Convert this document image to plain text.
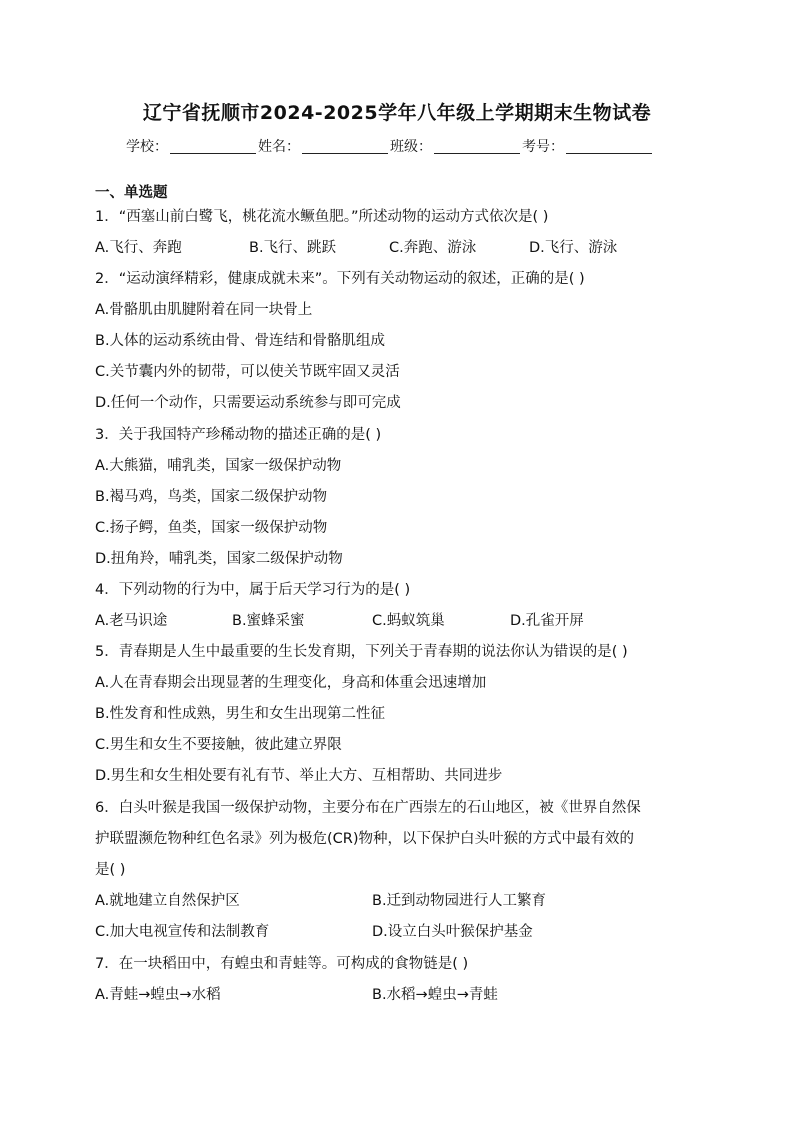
辽宁省抚顺市2024-2025学年八年级上学期期末生物试卷
学校：	姓名：	班级：	考号：
一、单选题
1．“西塞山前白鹭飞，桃花流水鳜鱼肥。”所述动物的运动方式依次是( )
A.飞行、奔跑	B.飞行、跳跃	C.奔跑、游泳	D.飞行、游泳
2．“运动演绎精彩，健康成就未来”。下列有关动物运动的叙述，正确的是( )
A.骨骼肌由肌腱附着在同一块骨上
B.人体的运动系统由骨、骨连结和骨骼肌组成
C.关节囊内外的韧带，可以使关节既牢固又灵活
D.任何一个动作，只需要运动系统参与即可完成
3．关于我国特产珍稀动物的描述正确的是( )
A.大熊猫，哺乳类，国家一级保护动物
B.褐马鸡，鸟类，国家二级保护动物
C.扬子鳄，鱼类，国家一级保护动物
D.扭角羚，哺乳类，国家二级保护动物
4．下列动物的行为中，属于后天学习行为的是( )
A.老马识途	B.蜜蜂采蜜	C.蚂蚁筑巢	D.孔雀开屏
5．青春期是人生中最重要的生长发育期，下列关于青春期的说法你认为错误的是( )
A.人在青春期会出现显著的生理变化，身高和体重会迅速增加
B.性发育和性成熟，男生和女生出现第二性征
C.男生和女生不要接触，彼此建立界限
D.男生和女生相处要有礼有节、举止大方、互相帮助、共同进步
6．白头叶猴是我国一级保护动物，主要分布在广西崇左的石山地区，被《世界自然保
护联盟濒危物种红色名录》列为极危(CR)物种，以下保护白头叶猴的方式中最有效的
是( )
A.就地建立自然保护区	B.迁到动物园进行人工繁育
C.加大电视宣传和法制教育	D.设立白头叶猴保护基金
7．在一块稻田中，有蝗虫和青蛙等。可构成的食物链是( )
A.青蛙→蝗虫→水稻	B.水稻→蝗虫→青蛙
